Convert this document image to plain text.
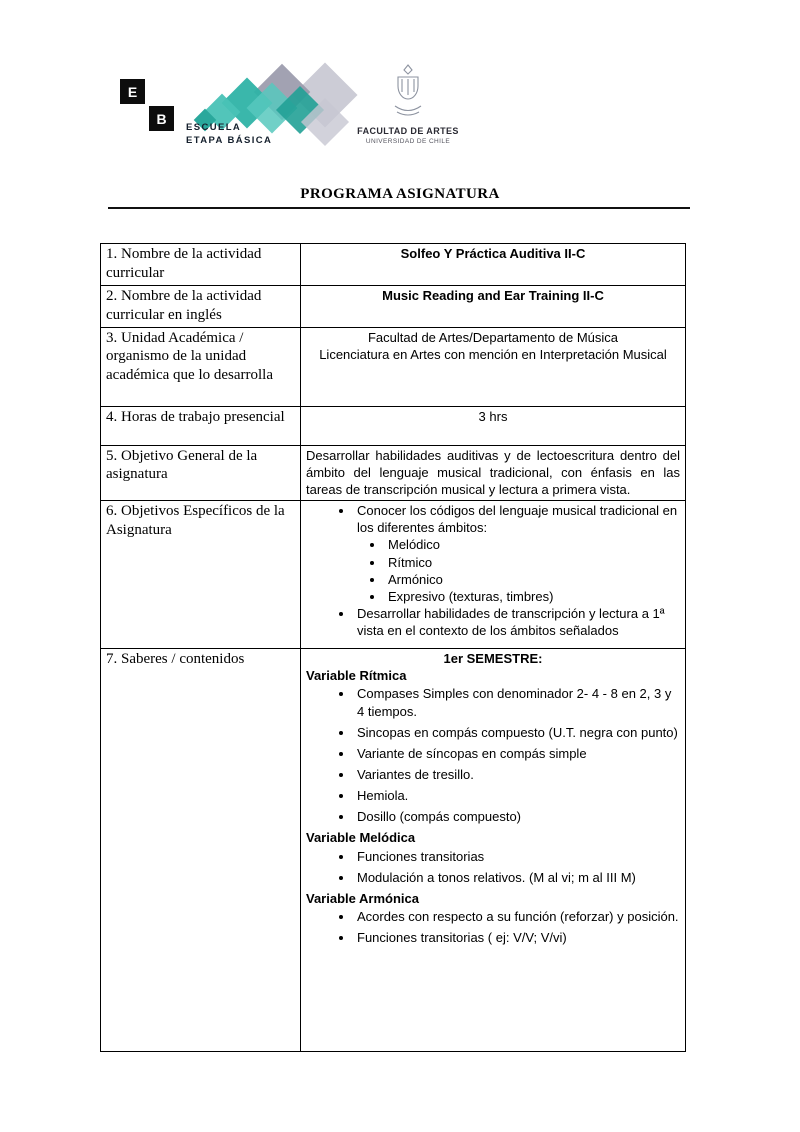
E
B
ESCUELA
ETAPA BÁSICA
FACULTAD DE ARTES
UNIVERSIDAD DE CHILE
PROGRAMA ASIGNATURA
1. Nombre de la actividad curricular	Solfeo Y Práctica Auditiva II-C
2. Nombre de la actividad curricular en inglés	Music Reading and Ear Training II-C
3. Unidad Académica / organismo de la unidad académica que lo desarrolla	Facultad de Artes/Departamento de Música
Licenciatura en Artes con mención en Interpretación Musical

4. Horas de trabajo presencial	3 hrs
5. Objetivo General de la asignatura	Desarrollar habilidades auditivas y de lectoescritura dentro del ámbito del lenguaje musical tradicional, con énfasis en las tareas de transcripción musical y lectura a primera vista.
6. Objetivos Específicos de la Asignatura	
• Conocer los códigos del lenguaje musical tradicional en los diferentes ámbitos:
• Melódico
• Rítmico
• Armónico
• Expresivo (texturas, timbres)
• Desarrollar habilidades de transcripción y lectura a 1ª vista en el contexto de los ámbitos señalados

7. Saberes / contenidos	1er SEMESTRE:
Variable Rítmica
• Compases Simples con denominador 2- 4 - 8 en 2, 3 y 4 tiempos.
• Sincopas en compás compuesto (U.T. negra con punto)
• Variante de síncopas en compás simple
• Variantes de tresillo.
• Hemiola.
• Dosillo (compás compuesto)
Variable Melódica
• Funciones transitorias
• Modulación a tonos relativos. (M al vi; m al III M)
Variable Armónica
• Acordes con respecto a su función (reforzar) y posición.
• Funciones transitorias ( ej: V/V; V/vi)
